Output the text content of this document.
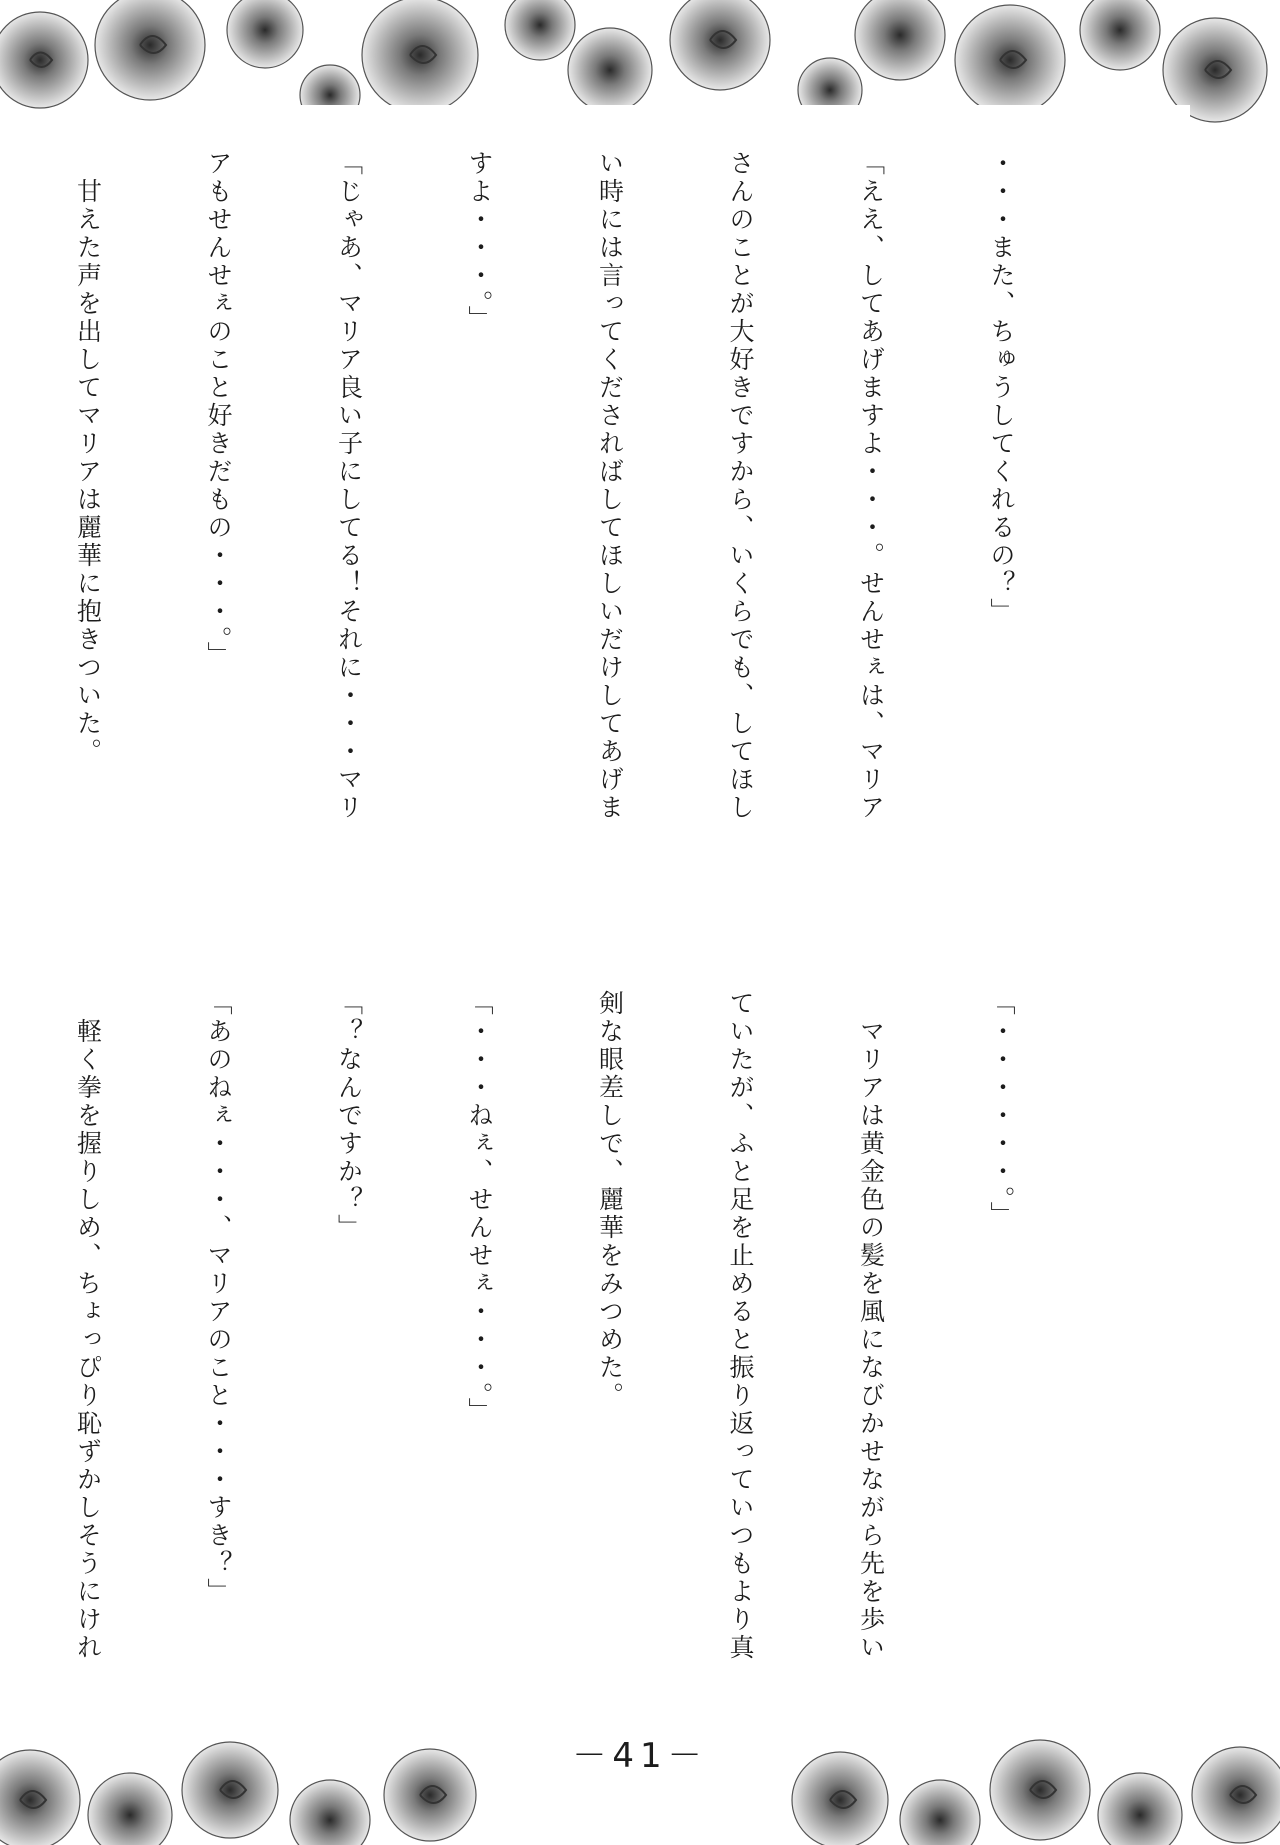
・・・また、ちゅうしてくれるの？」

「ええ、してあげますよ・・・。せんせぇは、マリア

さんのことが大好きですから、いくらでも、してほし

い時には言ってくださればしてほしいだけしてあげま

すよ・・・。」

「じゃあ、マリア良い子にしてる！それに・・・マリ

アもせんせぇのこと好きだもの・・・。」

　甘えた声を出してマリアは麗華に抱きついた。

「・・・・・・。」

　マリアは黄金色の髪を風になびかせながら先を歩い

ていたが、ふと足を止めると振り返っていつもより真

剣な眼差しで、麗華をみつめた。

「・・・ねぇ、せんせぇ・・・。」

「？なんですか？」

「あのねぇ・・・、マリアのこと・・・すき？」

　軽く拳を握りしめ、ちょっぴり恥ずかしそうにけれ

－41－
